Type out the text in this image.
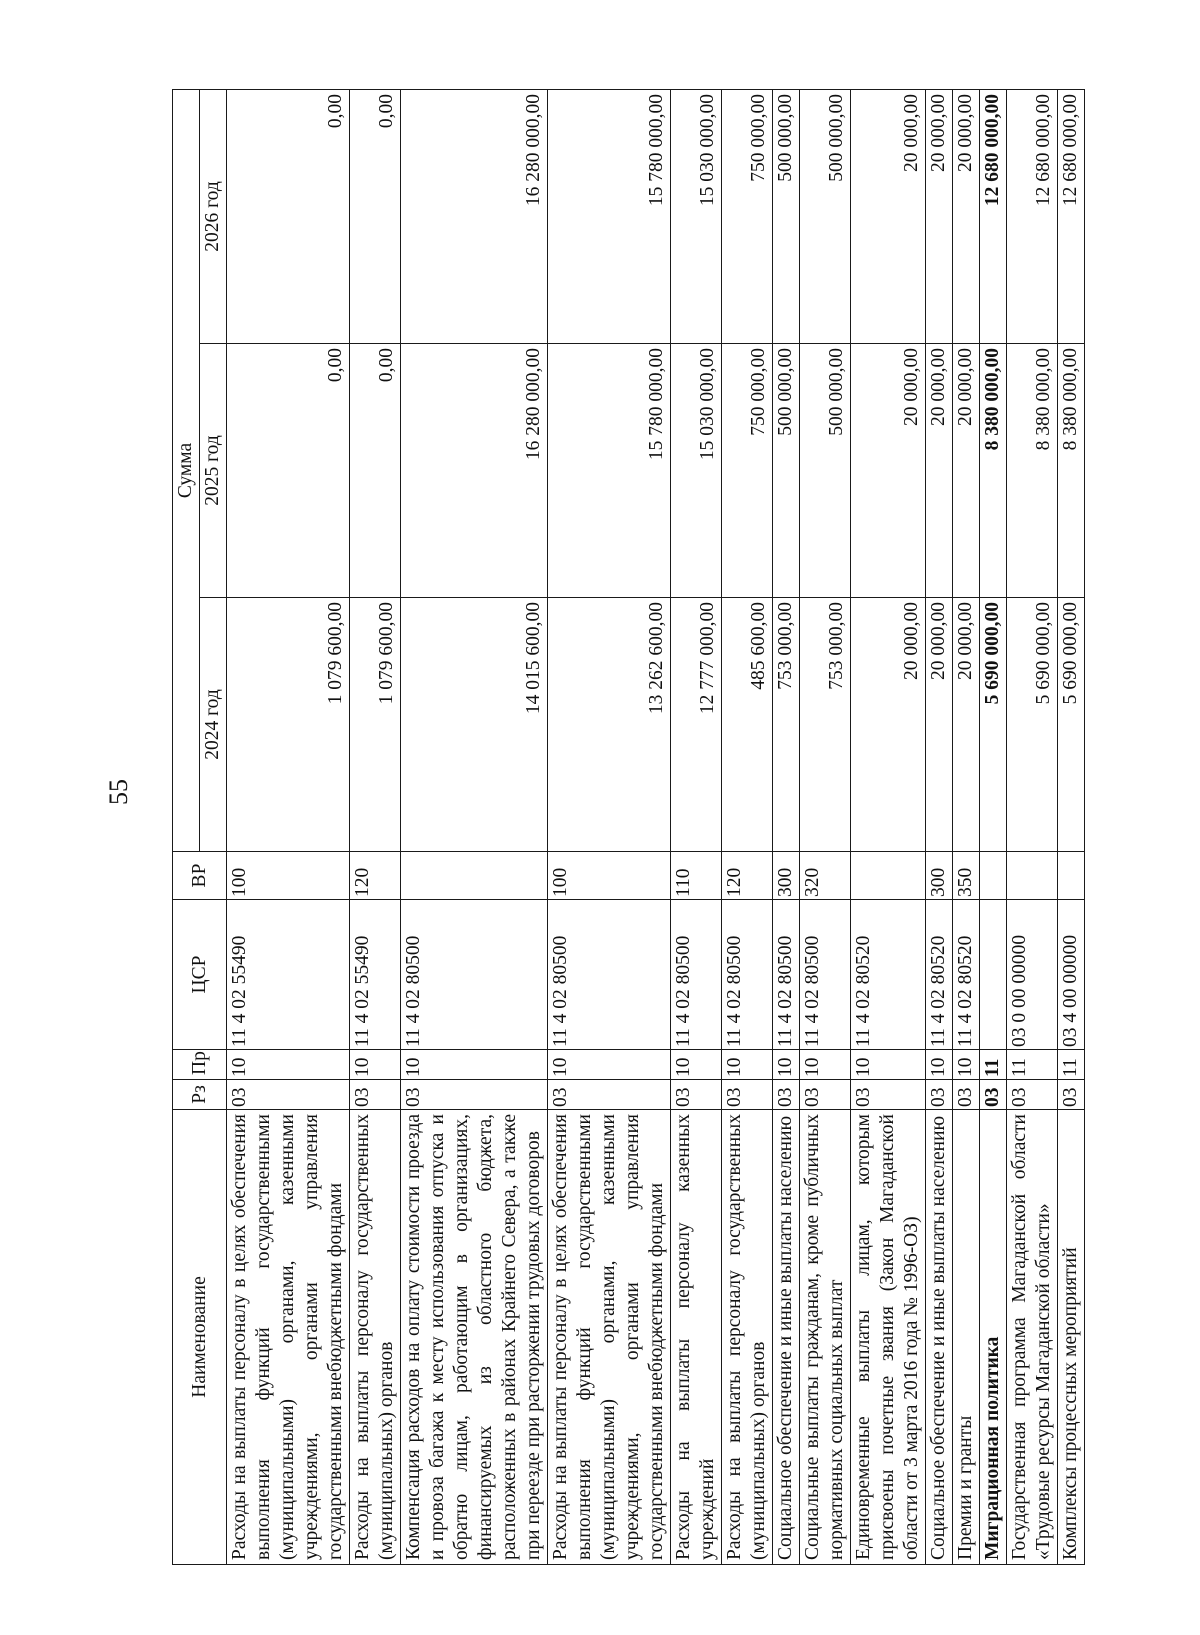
55
Наименование	Рз	Пр	ЦСР	ВР	Сумма		
					2024 год	2025 год	2026 год
Расходы на выплаты персоналу в целях обеспечения выполнения функций государственными (муниципальными) органами, казенными учреждениями, органами управления государственными внебюджетными фондами	03	10	11 4 02 55490	100	1 079 600,00	0,00	0,00
Расходы на выплаты персоналу государственных (муниципальных) органов	03	10	11 4 02 55490	120	1 079 600,00	0,00	0,00
Компенсация расходов на оплату стоимости проезда и провоза багажа к месту использования отпуска и обратно лицам, работающим в организациях, финансируемых из областного бюджета, расположенных в районах Крайнего Севера, а также при переезде при расторжении трудовых договоров	03	10	11 4 02 80500		14 015 600,00	16 280 000,00	16 280 000,00
Расходы на выплаты персоналу в целях обеспечения выполнения функций государственными (муниципальными) органами, казенными учреждениями, органами управления государственными внебюджетными фондами	03	10	11 4 02 80500	100	13 262 600,00	15 780 000,00	15 780 000,00
Расходы на выплаты персоналу казенных учреждений	03	10	11 4 02 80500	110	12 777 000,00	15 030 000,00	15 030 000,00
Расходы на выплаты персоналу государственных (муниципальных) органов	03	10	11 4 02 80500	120	485 600,00	750 000,00	750 000,00
Социальное обеспечение и иные выплаты населению	03	10	11 4 02 80500	300	753 000,00	500 000,00	500 000,00
Социальные выплаты гражданам, кроме публичных нормативных социальных выплат	03	10	11 4 02 80500	320	753 000,00	500 000,00	500 000,00
Единовременные выплаты лицам, которым присвоены почетные звания (Закон Магаданской области от 3 марта 2016 года № 1996-ОЗ)	03	10	11 4 02 80520		20 000,00	20 000,00	20 000,00
Социальное обеспечение и иные выплаты населению	03	10	11 4 02 80520	300	20 000,00	20 000,00	20 000,00
Премии и гранты	03	10	11 4 02 80520	350	20 000,00	20 000,00	20 000,00
Миграционная политика	03	11			5 690 000,00	8 380 000,00	12 680 000,00
Государственная программа Магаданской области «Трудовые ресурсы Магаданской области»	03	11	03 0 00 00000		5 690 000,00	8 380 000,00	12 680 000,00
Комплексы процессных мероприятий	03	11	03 4 00 00000		5 690 000,00	8 380 000,00	12 680 000,00
